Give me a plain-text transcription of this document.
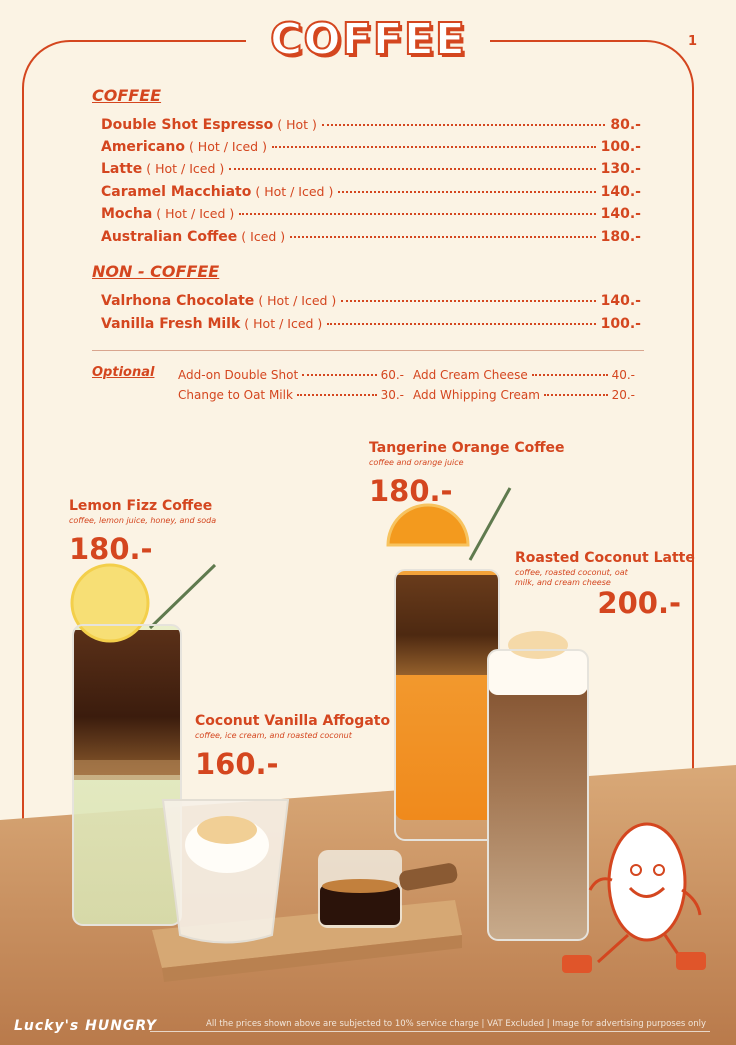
COFFEE	1
COFFEE
Double Shot Espresso ( Hot )	80.-
Americano ( Hot / Iced )	100.-
Latte ( Hot / Iced )	130.-
Caramel Macchiato ( Hot / Iced )	140.-
Mocha ( Hot / Iced )	140.-
Australian Coffee ( Iced )	180.-
NON - COFFEE
Valrhona Chocolate ( Hot / Iced )	140.-
Vanilla Fresh Milk ( Hot / Iced )	100.-
Optional Add-on Double Shot	60.-
Change to Oat Milk	30.-
Add Cream Cheese	40.-
Add Whipping Cream	20.-
Tangerine Orange Coffee
coffee and orange juice
180.-
Lemon Fizz Coffee
coffee, lemon juice, honey, and soda
180.-	Roasted Coconut Latte
coffee, roasted coconut, oat milk, and cream cheese
200.-
Coconut Vanilla Affogato
coffee, ice cream, and roasted coconut
160.-
Lucky's HUNGRY	All the prices shown above are subjected to 10% service charge | VAT Excluded | Image for advertising purposes only
